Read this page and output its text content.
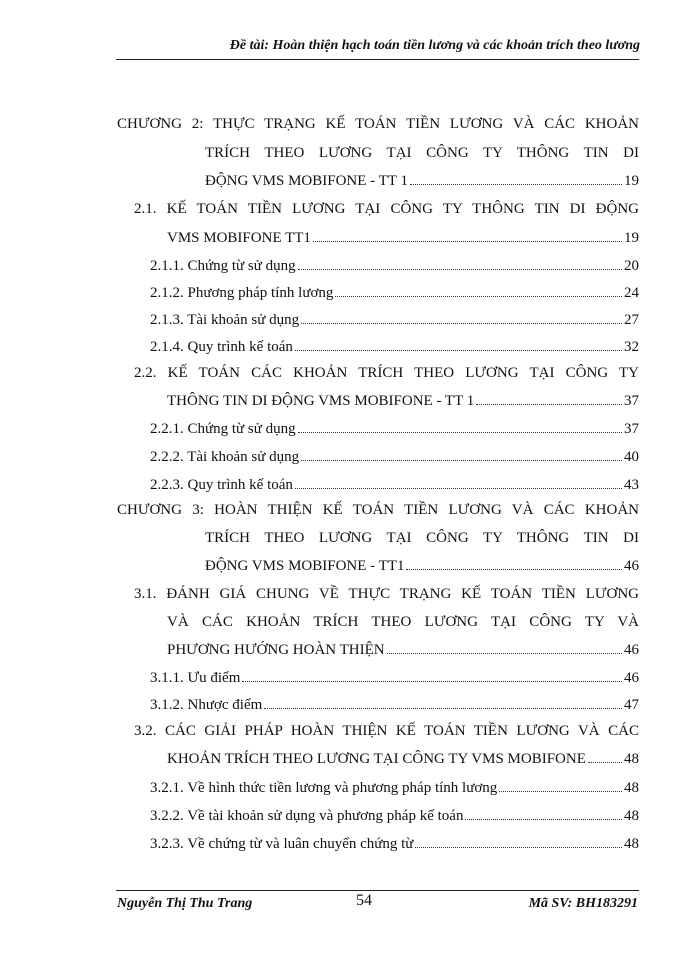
Đề tài: Hoàn thiện hạch toán tiền lương và các khoản trích theo lương
CHƯƠNG 2: THỰC TRẠNG KẾ TOÁN TIỀN LƯƠNG VÀ CÁC KHOẢN
TRÍCH THEO LƯƠNG TẠI CÔNG TY THÔNG TIN DI
ĐỘNG VMS MOBIFONE - TT 1	19
2.1. KẾ TOÁN TIỀN LƯƠNG TẠI CÔNG TY THÔNG TIN DI ĐỘNG
VMS MOBIFONE TT1	19
2.1.1. Chứng từ sử dụng	20
2.1.2. Phương pháp tính lương	24
2.1.3. Tài khoản sử dụng	27
2.1.4. Quy trình kế toán	32
2.2. KẾ TOÁN CÁC KHOẢN TRÍCH THEO LƯƠNG TẠI CÔNG TY
THÔNG TIN DI ĐỘNG VMS MOBIFONE - TT 1	37
2.2.1. Chứng từ sử dụng	37
2.2.2. Tài khoản sử dụng	40
2.2.3. Quy trình kế toán	43
CHƯƠNG 3: HOÀN THIỆN KẾ TOÁN TIỀN LƯƠNG VÀ CÁC KHOẢN
TRÍCH THEO LƯƠNG TẠI CÔNG TY THÔNG TIN DI
ĐỘNG VMS MOBIFONE - TT1	46
3.1. ĐÁNH GIÁ CHUNG VỀ THỰC TRẠNG KẾ TOÁN TIỀN LƯƠNG
VÀ CÁC KHOẢN TRÍCH THEO LƯƠNG TẠI CÔNG TY VÀ
PHƯƠNG HƯỚNG HOÀN THIỆN	46
3.1.1. Ưu điểm	46
3.1.2. Nhược điểm	47
3.2. CÁC GIẢI PHÁP HOÀN THIỆN KẾ TOÁN TIỀN LƯƠNG VÀ CÁC
KHOẢN TRÍCH THEO LƯƠNG TẠI CÔNG TY VMS MOBIFONE	48
3.2.1. Về hình thức tiền lương và phương pháp tính lương	48
3.2.2. Về tài khoản sử dụng và phương pháp kế toán	48
3.2.3. Về chứng từ và luân chuyển chứng từ	48
Nguyễn Thị Thu Trang	54	Mã SV: BH183291
